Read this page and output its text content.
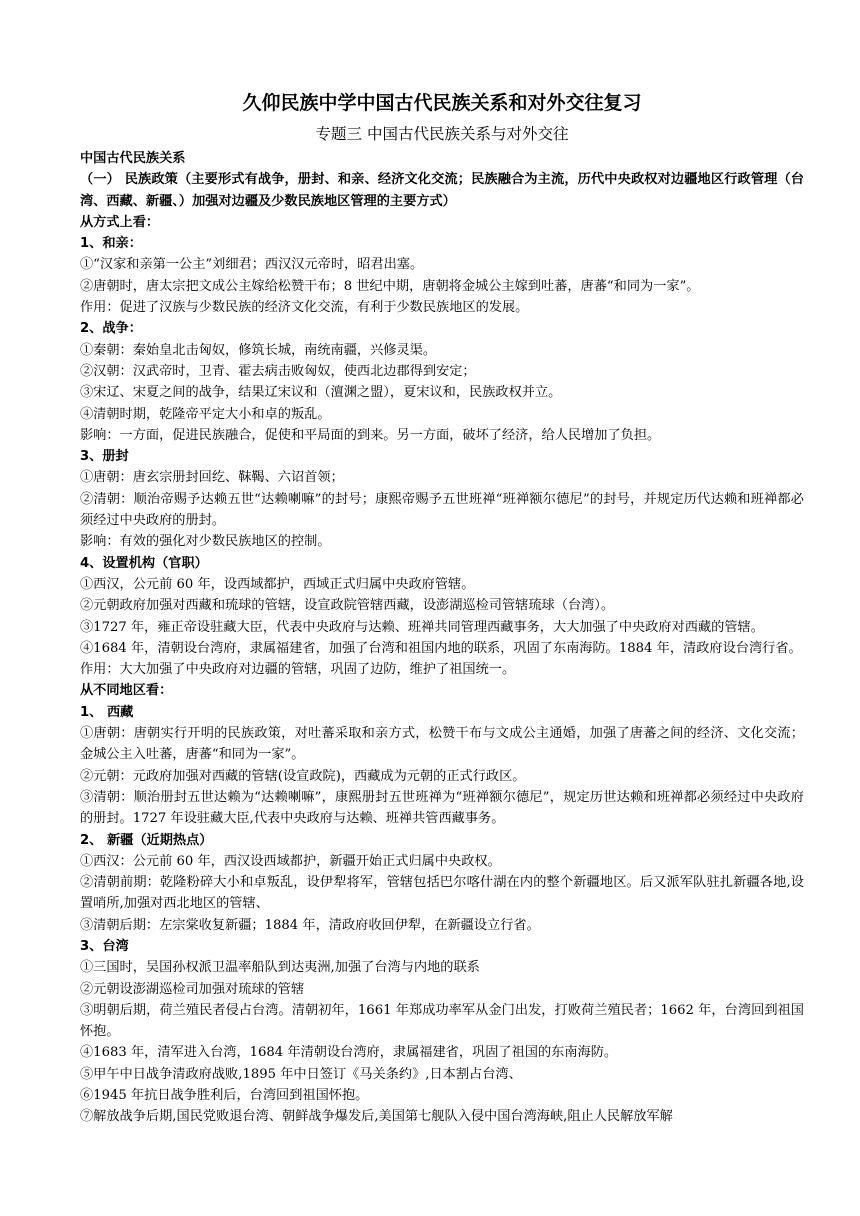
久仰民族中学中国古代民族关系和对外交往复习
专题三 中国古代民族关系与对外交往

中国古代民族关系

（一） 民族政策（主要形式有战争，册封、和亲、经济文化交流；民族融合为主流，历代中央政权对边疆地区行政管理（台湾、西藏、新疆、）加强对边疆及少数民族地区管理的主要方式）

从方式上看：

1、和亲：

①“汉家和亲第一公主”刘细君；西汉汉元帝时，昭君出塞。

②唐朝时，唐太宗把文成公主嫁给松赞干布；8 世纪中期，唐朝将金城公主嫁到吐蕃，唐蕃“和同为一家”。

作用：促进了汉族与少数民族的经济文化交流，有利于少数民族地区的发展。

2、战争：

①秦朝：秦始皇北击匈奴，修筑长城，南统南疆，兴修灵渠。

②汉朝：汉武帝时，卫青、霍去病击败匈奴，使西北边郡得到安定；

③宋辽、宋夏之间的战争，结果辽宋议和（澶渊之盟），夏宋议和，民族政权并立。

④清朝时期，乾隆帝平定大小和卓的叛乱。

影响：一方面，促进民族融合，促使和平局面的到来。另一方面，破坏了经济，给人民增加了负担。

3、册封

①唐朝：唐玄宗册封回纥、靺鞨、六诏首领；

②清朝：顺治帝赐予达赖五世“达赖喇嘛”的封号；康熙帝赐予五世班禅“班禅额尔德尼”的封号，并规定历代达赖和班禅都必须经过中央政府的册封。

影响：有效的强化对少数民族地区的控制。

4、设置机构（官职）

①西汉，公元前 60 年，设西域都护，西域正式归属中央政府管辖。

②元朝政府加强对西藏和琉球的管辖，设宣政院管辖西藏，设澎湖巡检司管辖琉球（台湾）。

③1727 年，雍正帝设驻藏大臣，代表中央政府与达赖、班禅共同管理西藏事务，大大加强了中央政府对西藏的管辖。

④1684 年，清朝设台湾府，隶属福建省，加强了台湾和祖国内地的联系，巩固了东南海防。1884 年，清政府设台湾行省。

作用：大大加强了中央政府对边疆的管辖，巩固了边防，维护了祖国统一。

从不同地区看：

1、 西藏

①唐朝：唐朝实行开明的民族政策，对吐蕃采取和亲方式，松赞干布与文成公主通婚，加强了唐蕃之间的经济、文化交流；金城公主入吐蕃，唐蕃“和同为一家”。

②元朝：元政府加强对西藏的管辖(设宣政院)，西藏成为元朝的正式行政区。

③清朝：顺治册封五世达赖为“达赖喇嘛”，康熙册封五世班禅为“班禅额尔德尼”，规定历世达赖和班禅都必须经过中央政府的册封。1727 年设驻藏大臣,代表中央政府与达赖、班禅共管西藏事务。

2、 新疆（近期热点）

①西汉：公元前 60 年，西汉设西域都护，新疆开始正式归属中央政权。

②清朝前期：乾隆粉碎大小和卓叛乱，设伊犁将军，管辖包括巴尔喀什湖在内的整个新疆地区。后又派军队驻扎新疆各地,设置哨所,加强对西北地区的管辖、

③清朝后期：左宗棠收复新疆；1884 年，清政府收回伊犁，在新疆设立行省。

3、台湾

①三国时，吴国孙权派卫温率船队到达夷洲,加强了台湾与内地的联系

②元朝设澎湖巡检司加强对琉球的管辖

③明朝后期，荷兰殖民者侵占台湾。清朝初年，1661 年郑成功率军从金门出发，打败荷兰殖民者；1662 年，台湾回到祖国怀抱。

④1683 年，清军进入台湾，1684 年清朝设台湾府，隶属福建省，巩固了祖国的东南海防。

⑤甲午中日战争清政府战败,1895 年中日签订《马关条约》,日本割占台湾、

⑥1945 年抗日战争胜利后，台湾回到祖国怀抱。

⑦解放战争后期,国民党败退台湾、朝鲜战争爆发后,美国第七舰队入侵中国台湾海峡,阻止人民解放军解
